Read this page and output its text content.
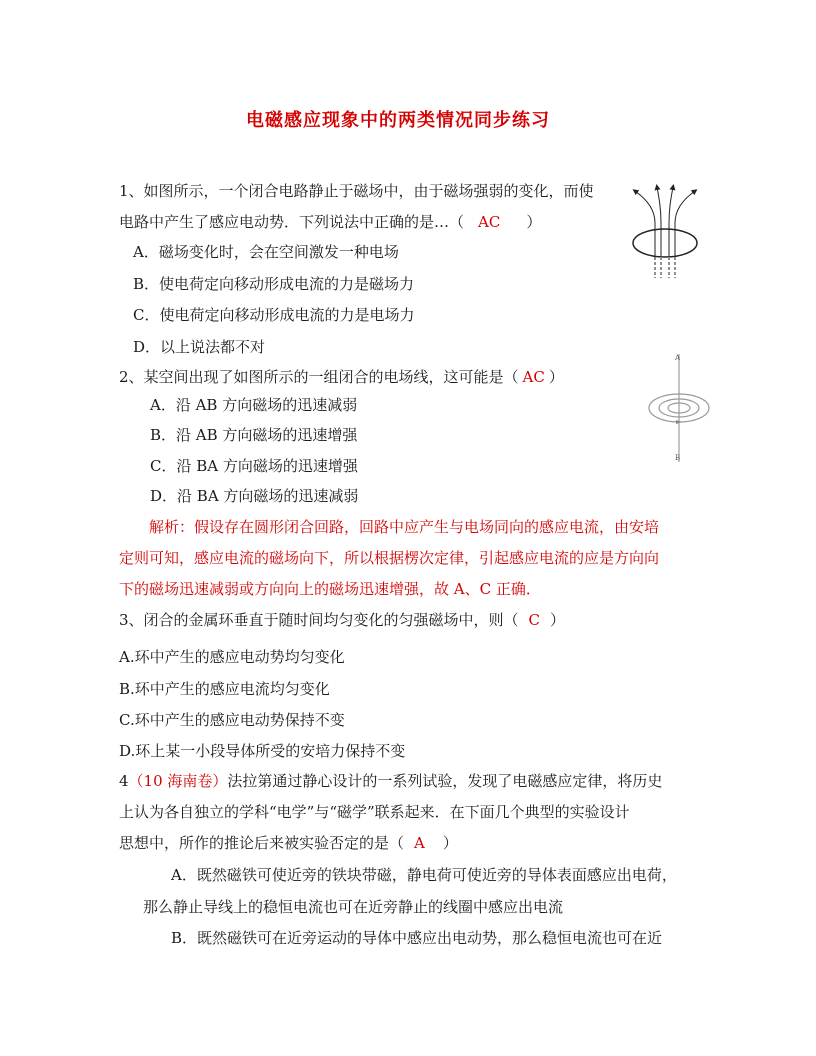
电磁感应现象中的两类情况同步练习
1、如图所示，一个闭合电路静止于磁场中，由于磁场强弱的变化，而使
电路中产生了感应电动势．下列说法中正确的是…（ AC ）
A．磁场变化时，会在空间激发一种电场
B．使电荷定向移动形成电流的力是磁场力
C．使电荷定向移动形成电流的力是电场力
D．以上说法都不对
2、某空间出现了如图所示的一组闭合的电场线，这可能是（ AC ）
A．沿 AB 方向磁场的迅速减弱
B．沿 AB 方向磁场的迅速增强
C．沿 BA 方向磁场的迅速增强
D．沿 BA 方向磁场的迅速减弱
A
B
解析：假设存在圆形闭合回路，回路中应产生与电场同向的感应电流，由安培
定则可知，感应电流的磁场向下，所以根据楞次定律，引起感应电流的应是方向向
下的磁场迅速减弱或方向向上的磁场迅速增强，故 A、C 正确．
3、闭合的金属环垂直于随时间均匀变化的匀强磁场中，则（ C ）
A.环中产生的感应电动势均匀变化
B.环中产生的感应电流均匀变化
C.环中产生的感应电动势保持不变
D.环上某一小段导体所受的安培力保持不变
4（10 海南卷）法拉第通过静心设计的一系列试验，发现了电磁感应定律，将历史
上认为各自独立的学科“电学”与“磁学”联系起来．在下面几个典型的实验设计
思想中，所作的推论后来被实验否定的是（ A ）
A．既然磁铁可使近旁的铁块带磁，静电荷可使近旁的导体表面感应出电荷，
那么静止导线上的稳恒电流也可在近旁静止的线圈中感应出电流
B．既然磁铁可在近旁运动的导体中感应出电动势，那么稳恒电流也可在近
